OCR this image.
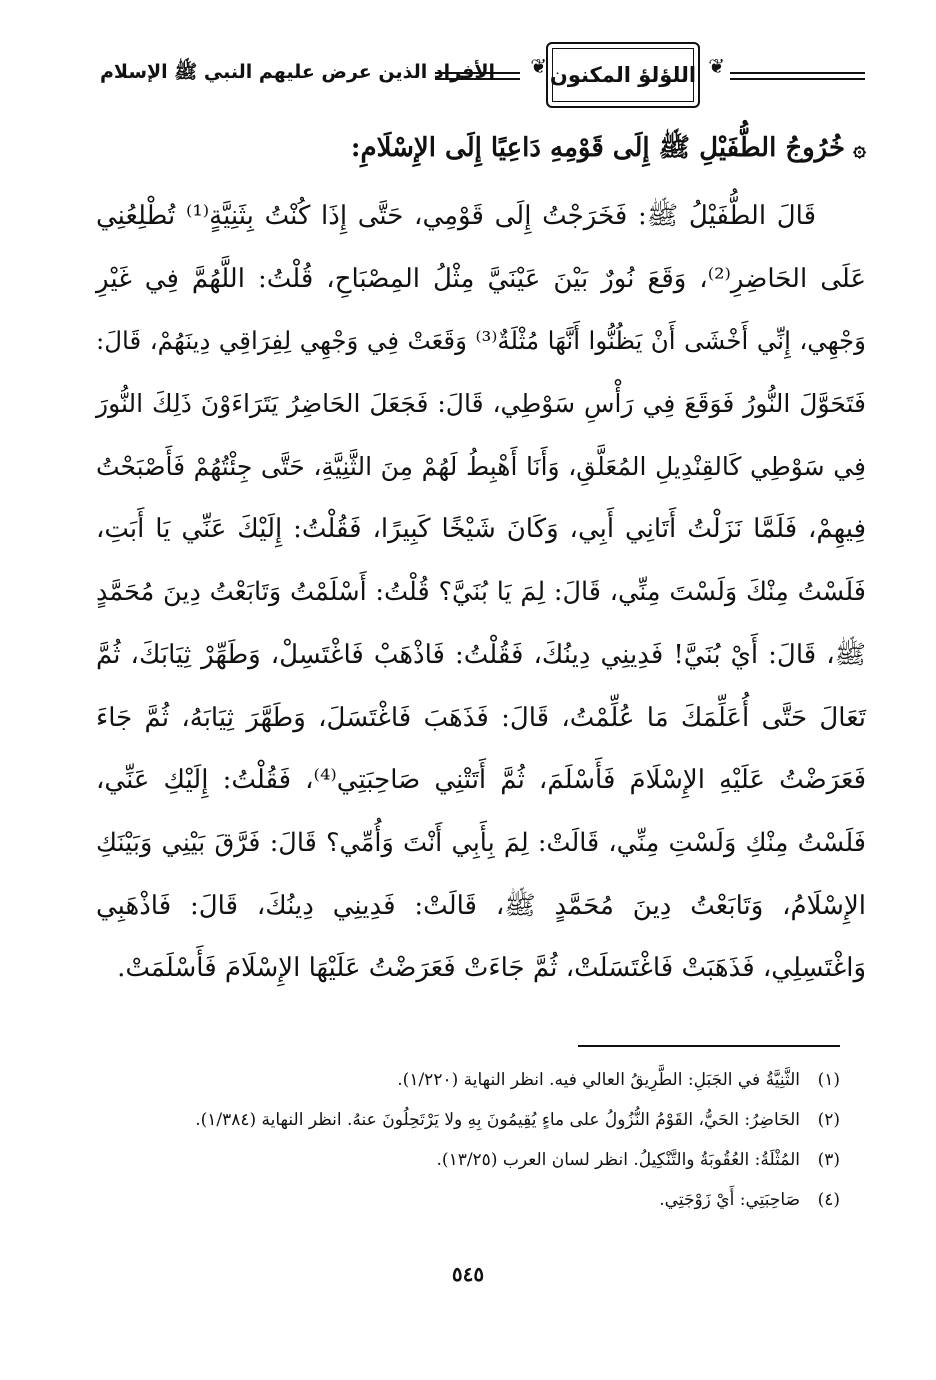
❦
اللؤلؤ المكنون
❦
الأفراد الذين عرض عليهم النبي ﷺ الإسلام
۞خُرُوجُ الطُّفَيْلِ ﷺ إِلَى قَوْمِهِ دَاعِيًا إِلَى الإِسْلَامِ:
قَالَ الطُّفَيْلُ ﷺ: فَخَرَجْتُ إِلَى قَوْمِي، حَتَّى إِذَا كُنْتُ بِثَنِيَّةٍ⁽¹⁾ تُطْلِعُنِي
عَلَى الحَاضِرِ⁽²⁾، وَقَعَ نُورٌ بَيْنَ عَيْنَيَّ مِثْلُ المِصْبَاحِ، قُلْتُ: اللَّهُمَّ فِي غَيْرِ
وَجْهِي، إِنِّي أَخْشَى أَنْ يَظُنُّوا أَنَّهَا مُثْلَةٌ⁽³⁾ وَقَعَتْ فِي وَجْهِي لِفِرَاقِي دِينَهُمْ، قَالَ:
فَتَحَوَّلَ النُّورُ فَوَقَعَ فِي رَأْسِ سَوْطِي، قَالَ: فَجَعَلَ الحَاضِرُ يَتَرَاءَوْنَ ذَلِكَ النُّورَ
فِي سَوْطِي كَالقِنْدِيلِ المُعَلَّقِ، وَأَنَا أَهْبِطُ لَهُمْ مِنَ الثَّنِيَّةِ، حَتَّى جِئْتُهُمْ فَأَصْبَحْتُ
فِيهِمْ، فَلَمَّا نَزَلْتُ أَتَانِي أَبِي، وَكَانَ شَيْخًا كَبِيرًا، فَقُلْتُ: إِلَيْكَ عَنِّي يَا أَبَتِ،
فَلَسْتُ مِنْكَ وَلَسْتَ مِنِّي، قَالَ: لِمَ يَا بُنَيَّ؟ قُلْتُ: أَسْلَمْتُ وَتَابَعْتُ دِينَ مُحَمَّدٍ
ﷺ، قَالَ: أَيْ بُنَيَّ! فَدِينِي دِينُكَ، فَقُلْتُ: فَاذْهَبْ فَاغْتَسِلْ، وَطَهِّرْ ثِيَابَكَ، ثُمَّ
تَعَالَ حَتَّى أُعَلِّمَكَ مَا عُلِّمْتُ، قَالَ: فَذَهَبَ فَاغْتَسَلَ، وَطَهَّرَ ثِيَابَهُ، ثُمَّ جَاءَ
فَعَرَضْتُ عَلَيْهِ الإِسْلَامَ فَأَسْلَمَ، ثُمَّ أَتَتْنِي صَاحِبَتِي⁽⁴⁾، فَقُلْتُ: إِلَيْكِ عَنِّي،
فَلَسْتُ مِنْكِ وَلَسْتِ مِنِّي، قَالَتْ: لِمَ بِأَبِي أَنْتَ وَأُمِّي؟ قَالَ: فَرَّقَ بَيْنِي وَبَيْنَكِ
الإِسْلَامُ، وَتَابَعْتُ دِينَ مُحَمَّدٍ ﷺ، قَالَتْ: فَدِينِي دِينُكَ، قَالَ: فَاذْهَبِي
وَاغْتَسِلِي، فَذَهَبَتْ فَاغْتَسَلَتْ، ثُمَّ جَاءَتْ فَعَرَضْتُ عَلَيْهَا الإِسْلَامَ فَأَسْلَمَتْ.
(١)
الثَّنِيَّةُ في الجَبَلِ: الطَّرِيقُ العالي فيه. انظر النهاية (١/٢٢٠).
(٢)
الحَاضِرُ: الحَيُّ، القَوْمُ النُّزُولُ على ماءٍ يُقِيمُونَ بِهِ ولا يَرْتَحِلُونَ عنهُ. انظر النهاية (١/٣٨٤).
(٣)
المُثْلَةُ: العُقُوبَةُ والتَّنْكِيلُ. انظر لسان العرب (١٣/٢٥).
(٤)
صَاحِبَتِي: أَيْ زَوْجَتِي.
٥٤٥
